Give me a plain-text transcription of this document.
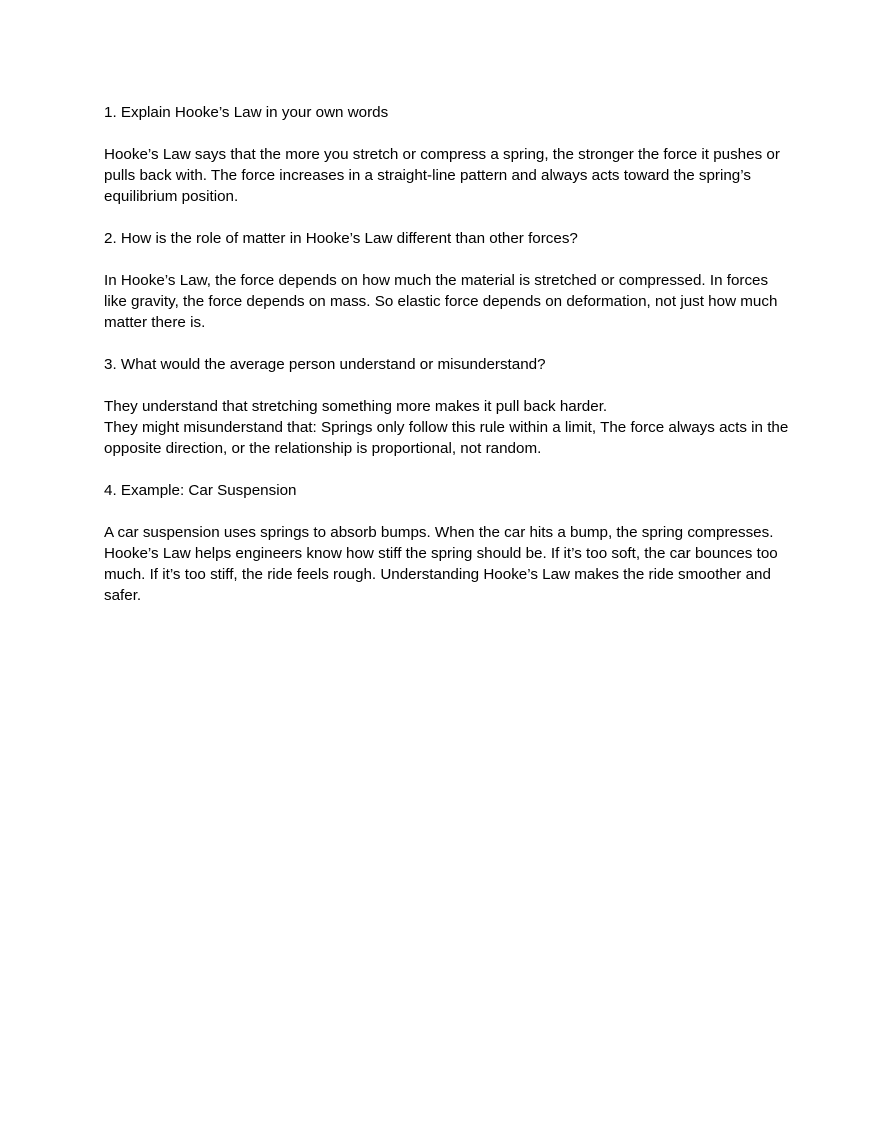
1. Explain Hooke’s Law in your own words

Hooke’s Law says that the more you stretch or compress a spring, the stronger the force it pushes or pulls back with. The force increases in a straight-line pattern and always acts toward the spring’s equilibrium position.

2. How is the role of matter in Hooke’s Law different than other forces?

In Hooke’s Law, the force depends on how much the material is stretched or compressed. In forces like gravity, the force depends on mass. So elastic force depends on deformation, not just how much matter there is.

3. What would the average person understand or misunderstand?

They understand that stretching something more makes it pull back harder.

They might misunderstand that: Springs only follow this rule within a limit, The force always acts in the opposite direction, or the relationship is proportional, not random.

4. Example: Car Suspension

A car suspension uses springs to absorb bumps. When the car hits a bump, the spring compresses. Hooke’s Law helps engineers know how stiff the spring should be. If it’s too soft, the car bounces too much. If it’s too stiff, the ride feels rough. Understanding Hooke’s Law makes the ride smoother and safer.
